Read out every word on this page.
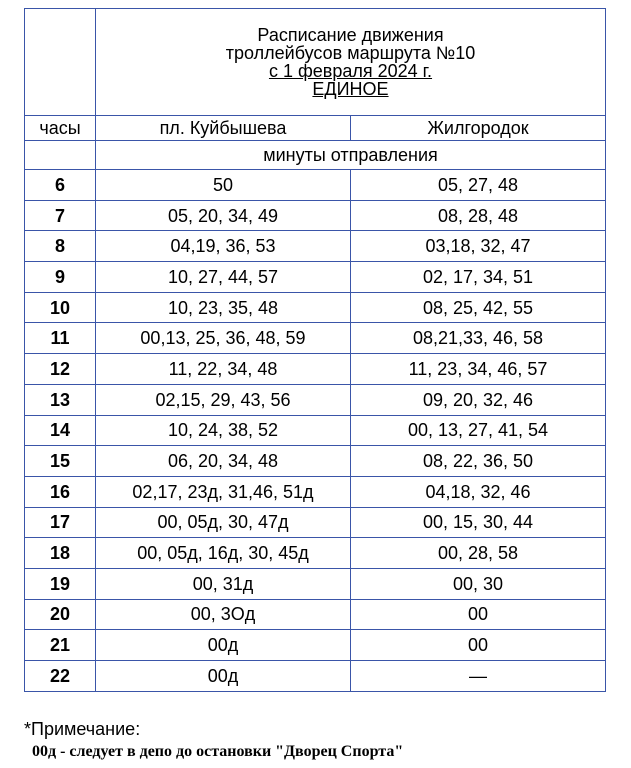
	Расписание движения
троллейбусов маршрута №10
с 1 февраля 2024 г.
ЕДИНОЕ	

часы	пл. Куйбышева	Жилгородок
	минуты отправления	
6	50	05, 27, 48
7	05, 20, 34, 49	08, 28, 48
8	04,19, 36, 53	03,18, 32, 47
9	10, 27, 44, 57	02, 17, 34, 51
10	10, 23, 35, 48	08, 25, 42, 55
11	00,13, 25, 36, 48, 59	08,21,33, 46, 58
12	11, 22, 34, 48	11, 23, 34, 46, 57
13	02,15, 29, 43, 56	09, 20, 32, 46
14	10, 24, 38, 52	00, 13, 27, 41, 54
15	06, 20, 34, 48	08, 22, 36, 50
16	02,17, 23д, 31,46, 51д	04,18, 32, 46
17	00, 05д, 30, 47д	00, 15, 30, 44
18	00, 05д, 16д, 30, 45д	00, 28, 58
19	00, 31д	00, 30
20	00, 3Oд	00
21	00д	00
22	00д	—
*Примечание:
00д - следует в депо до остановки "Дворец Спорта"
